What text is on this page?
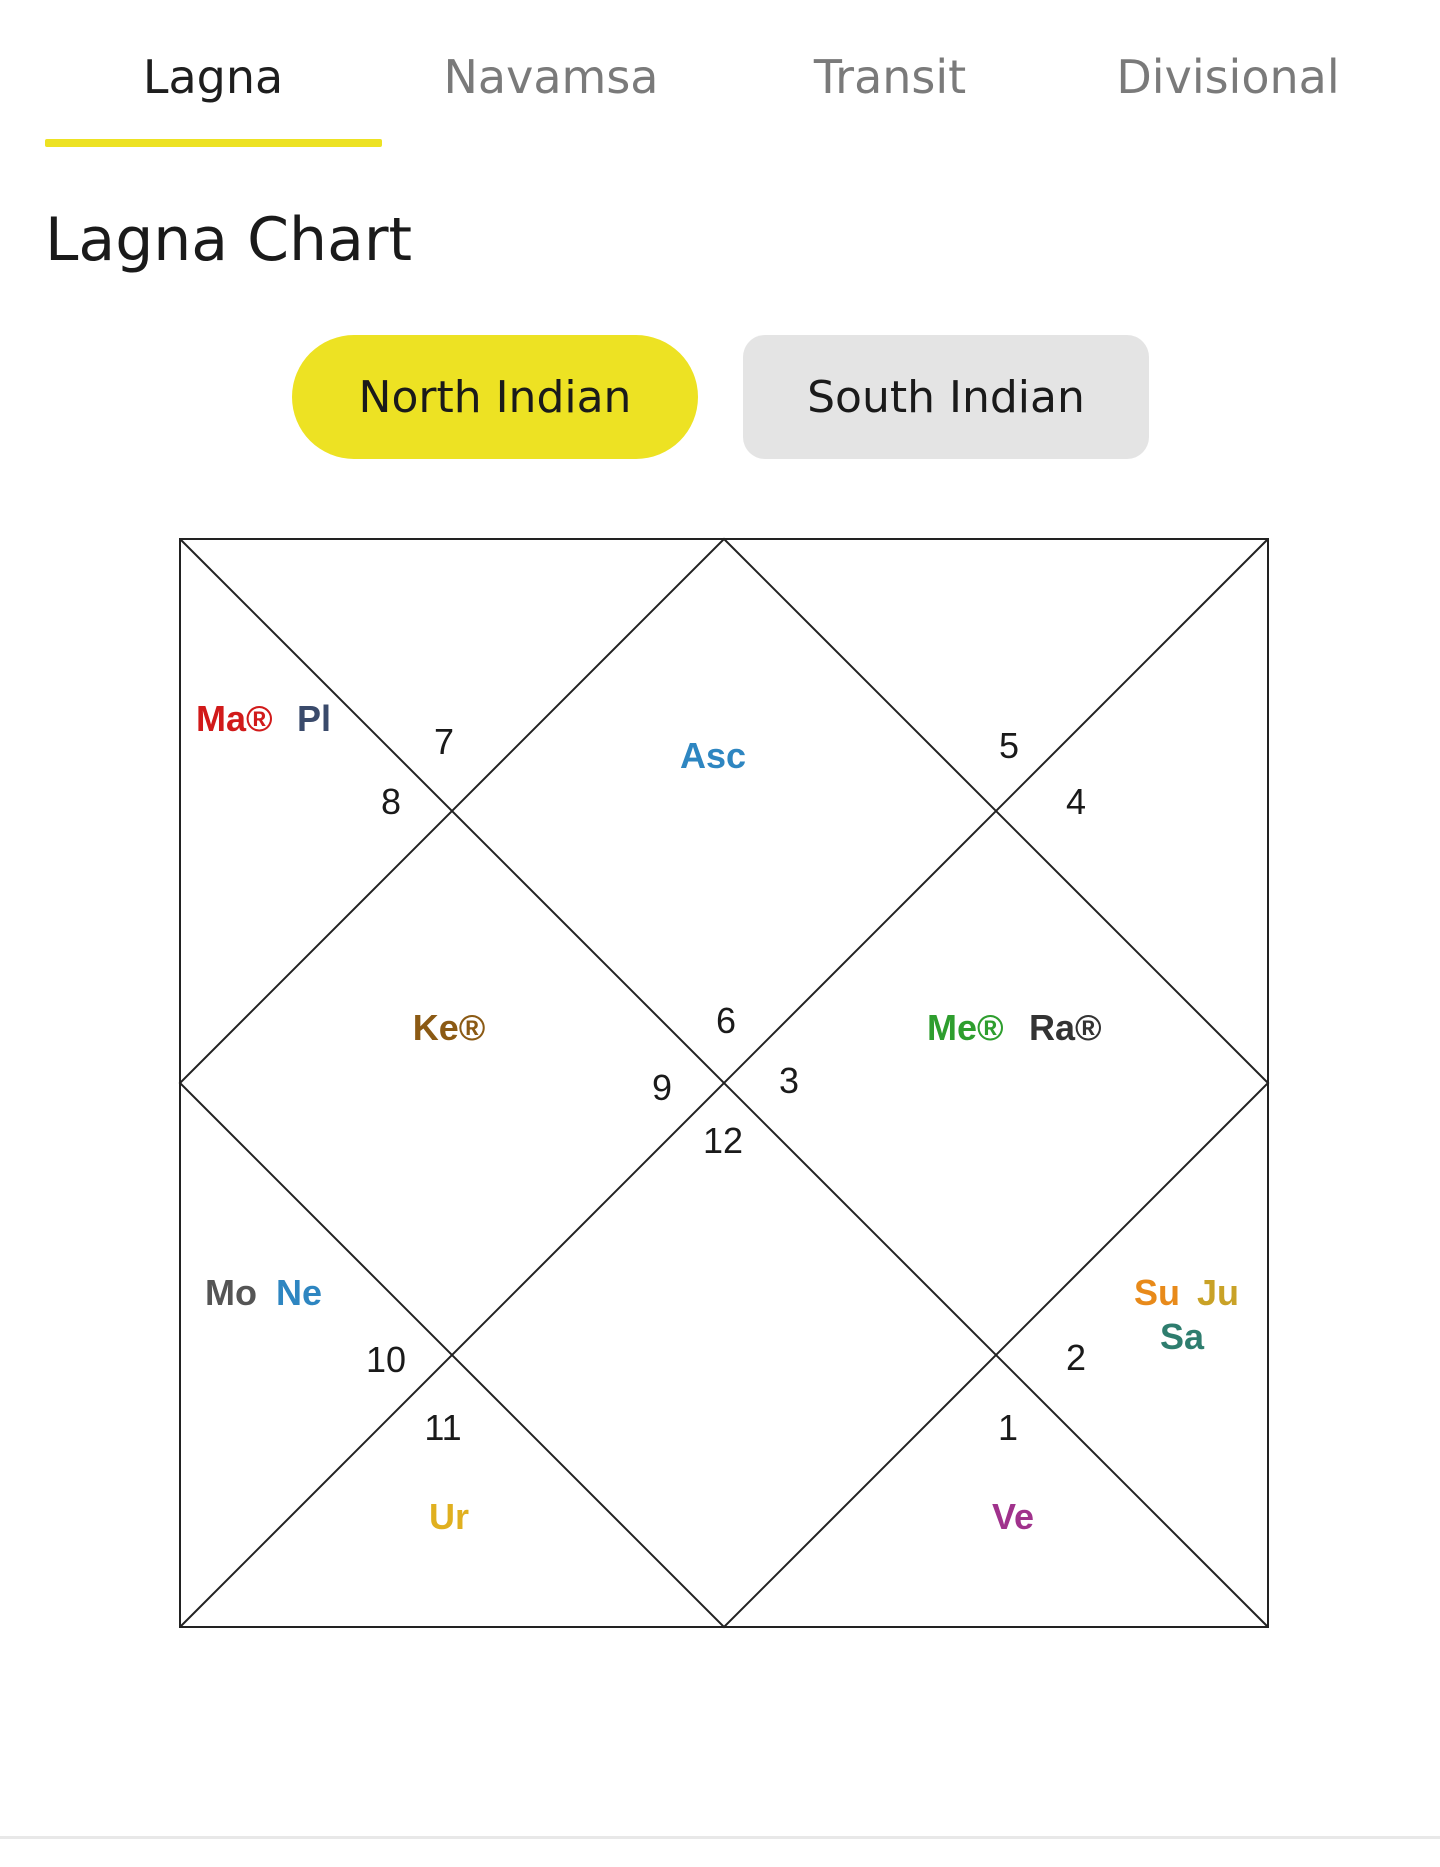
Lagna	Navamsa	Transit	Divisional
Lagna Chart
North Indian	South Indian
7
8
5
4
6
9	3
12
10
11
2
1
Ma® Pl
Asc
Ke®	Me® Ra®
Mo Ne
Ur
Su Ju
Sa
Ve
